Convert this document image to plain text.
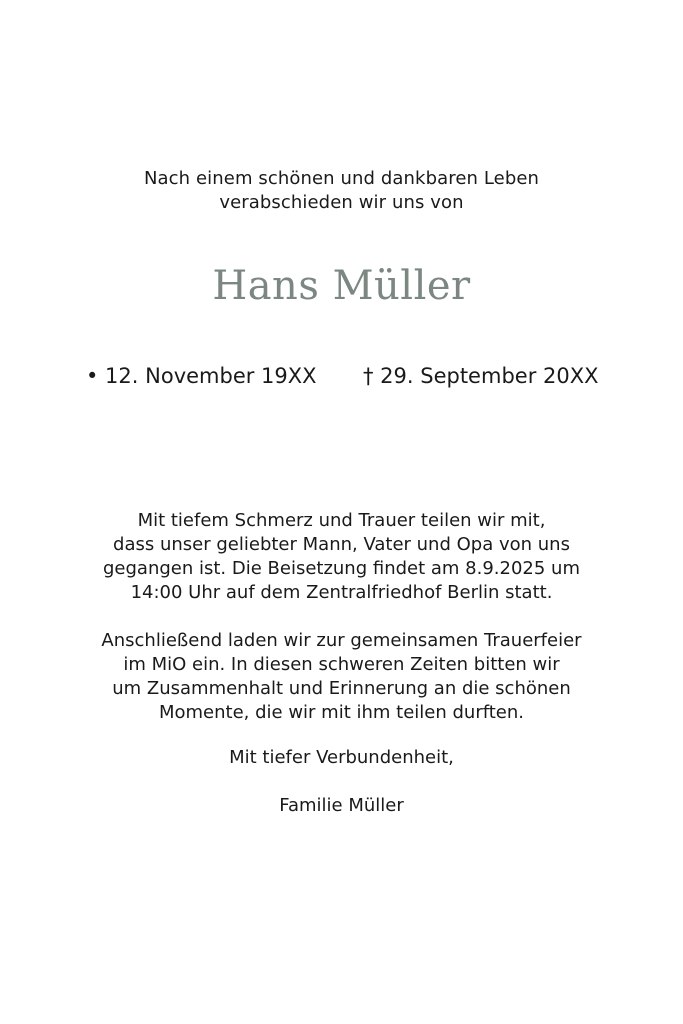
Nach einem schönen und dankbaren Leben
verabschieden wir uns von
Hans Müller
• 12. November 19XX † 29. September 20XX
Mit tiefem Schmerz und Trauer teilen wir mit,
dass unser geliebter Mann, Vater und Opa von uns
gegangen ist. Die Beisetzung findet am 8.9.2025 um
14:00 Uhr auf dem Zentralfriedhof Berlin statt.
Anschließend laden wir zur gemeinsamen Trauerfeier
im MiO ein. In diesen schweren Zeiten bitten wir
um Zusammenhalt und Erinnerung an die schönen
Momente, die wir mit ihm teilen durften.
Mit tiefer Verbundenheit,
Familie Müller
